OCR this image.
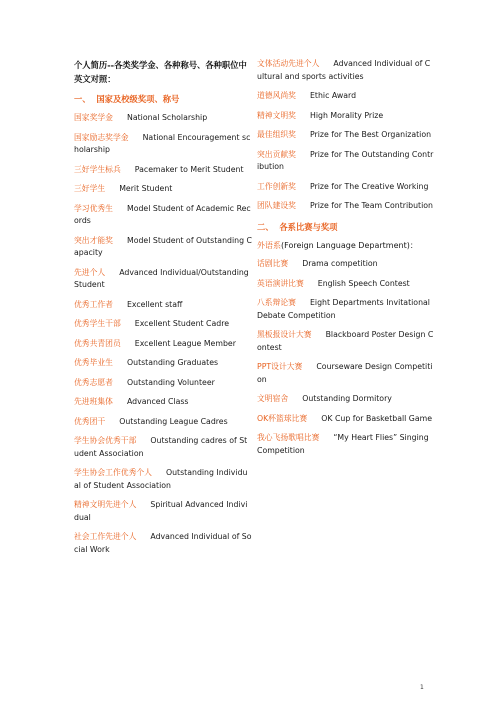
个人简历--各类奖学金、各种称号、各种职位中英文对照：
一、  国家及校级奖项、称号
国家奖学金 National Scholarship
国家励志奖学金 National Encouragement scholarship
三好学生标兵 Pacemaker to Merit Student
三好学生 Merit Student
学习优秀生 Model Student of Academic Records
突出才能奖 Model Student of Outstanding Capacity
先进个人 Advanced Individual/Outstanding Student
优秀工作者 Excellent staff
优秀学生干部 Excellent Student Cadre
优秀共青团员 Excellent League Member
优秀毕业生 Outstanding Graduates
优秀志愿者 Outstanding Volunteer
先进班集体 Advanced Class
优秀团干 Outstanding League Cadres
学生协会优秀干部 Outstanding cadres of Student Association
学生协会工作优秀个人 Outstanding Individual of Student Association
精神文明先进个人 Spiritual Advanced Individual
社会工作先进个人 Advanced Individual of Social Work
文体活动先进个人 Advanced Individual of Cultural and sports activities
道德风尚奖 Ethic Award
精神文明奖 High Morality Prize
最佳组织奖 Prize for The Best Organization
突出贡献奖 Prize for The Outstanding Contribution
工作创新奖 Prize for The Creative Working
团队建设奖 Prize for The Team Contribution
二、  各系比赛与奖项
外语系(Foreign Language Department)：
话剧比赛 Drama competition
英语演讲比赛 English Speech Contest
八系辩论赛 Eight Departments Invitational Debate Competition
黑板报设计大赛 Blackboard Poster Design Contest
PPT设计大赛 Courseware Design Competition
文明宿舍 Outstanding Dormitory
OK杯篮球比赛 OK Cup for Basketball Game
我心飞扬歌唱比赛 “My Heart Flies” Singing Competition
1
